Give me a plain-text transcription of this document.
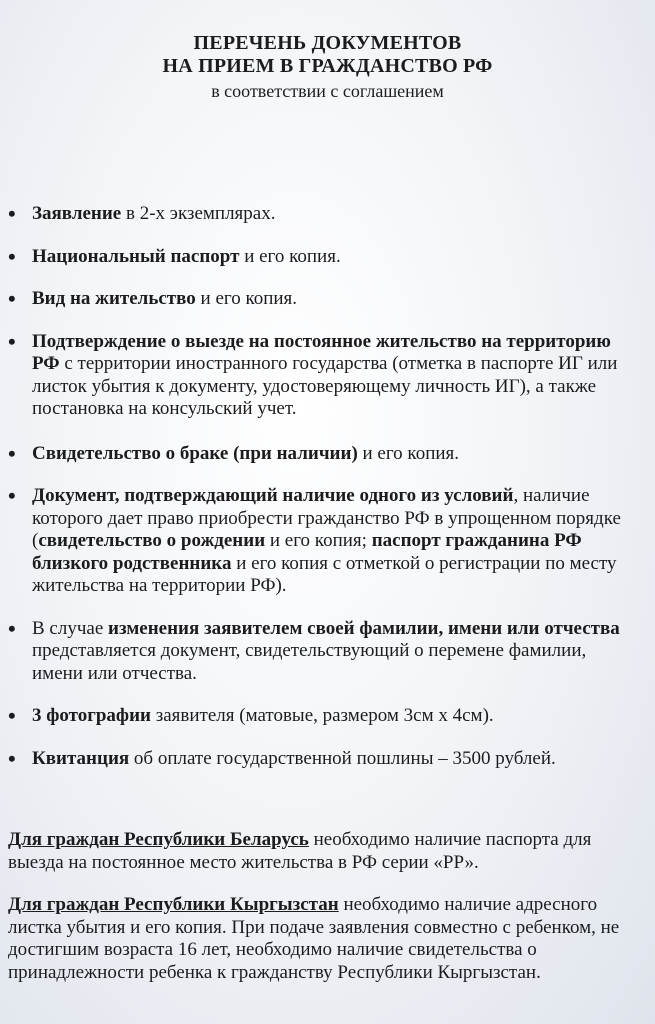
ПЕРЕЧЕНЬ ДОКУМЕНТОВ
НА ПРИЕМ В ГРАЖДАНСТВО РФ
в соответствии с соглашением
• Заявление в 2-х экземплярах.
• Национальный паспорт и его копия.
• Вид на жительство и его копия.
• Подтверждение о выезде на постоянное жительство на территорию РФ с территории иностранного государства (отметка в паспорте ИГ или листок убытия к документу, удостоверяющему личность ИГ), а также постановка на консульский учет.
• Свидетельство о браке (при наличии) и его копия.
• Документ, подтверждающий наличие одного из условий, наличие которого дает право приобрести гражданство РФ в упрощенном порядке (свидетельство о рождении и его копия; паспорт гражданина РФ близкого родственника и его копия с отметкой о регистрации по месту жительства на территории РФ).
• В случае изменения заявителем своей фамилии, имени или отчества представляется документ, свидетельствующий о перемене фамилии, имени или отчества.
• 3 фотографии заявителя (матовые, размером 3см х 4см).
• Квитанция об оплате государственной пошлины – 3500 рублей.

Для граждан Республики Беларусь необходимо наличие паспорта для выезда на постоянное место жительства в РФ серии «РР».

Для граждан Республики Кыргызстан необходимо наличие адресного листка убытия и его копия. При подаче заявления совместно с ребенком, не достигшим возраста 16 лет, необходимо наличие свидетельства о принадлежности ребенка к гражданству Республики Кыргызстан.
